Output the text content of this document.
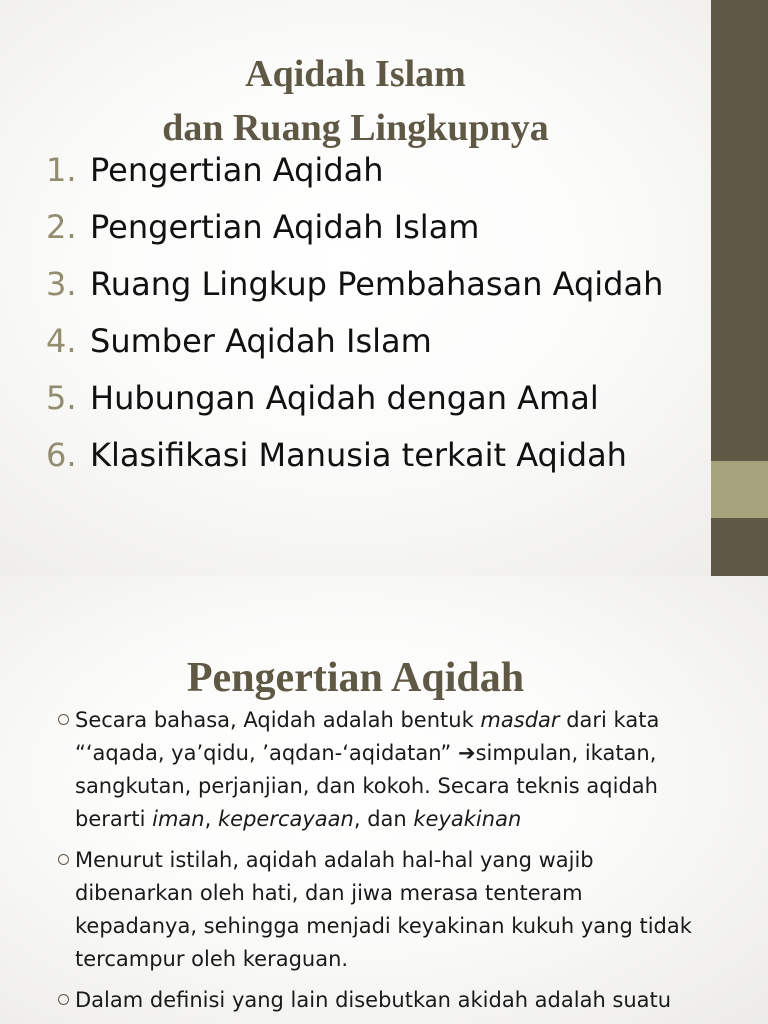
Aqidah Islam
dan Ruang Lingkupnya
1. Pengertian Aqidah
2. Pengertian Aqidah Islam
3. Ruang Lingkup Pembahasan Aqidah
4. Sumber Aqidah Islam
5. Hubungan Aqidah dengan Amal
6. Klasifikasi Manusia terkait Aqidah
Pengertian Aqidah
Secara bahasa, Aqidah adalah bentuk masdar dari kata “‘aqada, ya’qidu, ’aqdan-‘aqidatan” ➔simpulan, ikatan, sangkutan, perjanjian, dan kokoh. Secara teknis aqidah berarti iman, kepercayaan, dan keyakinan
Menurut istilah, aqidah adalah hal-hal yang wajib dibenarkan oleh hati, dan jiwa merasa tenteram kepadanya, sehingga menjadi keyakinan kukuh yang tidak tercampur oleh keraguan.
Dalam definisi yang lain disebutkan akidah adalah suatu
